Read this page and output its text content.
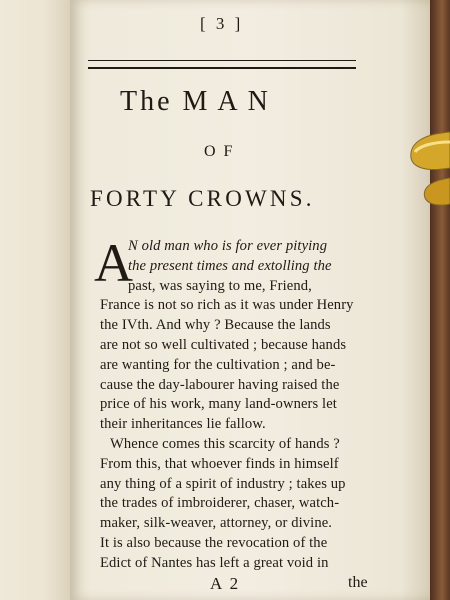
[ 3 ]
The MAN
OF
FORTY CROWNS.
A
N old man who is for ever pitying
the present times and extolling the
past, was saying to me, Friend,
France is not so rich as it was under Henry
the IVth. And why ? Because the lands
are not so well cultivated ; because hands
are wanting for the cultivation ; and be-
cause the day-labourer having raised the
price of his work, many land-owners let
their inheritances lie fallow.
Whence comes this scarcity of hands ?
From this, that whoever finds in himself
any thing of a spirit of industry ; takes up
the trades of imbroiderer, chaser, watch-
A 2	the
maker, silk-weaver, attorney, or divine.
It is also because the revocation of the
Edict of Nantes has left a great void in
